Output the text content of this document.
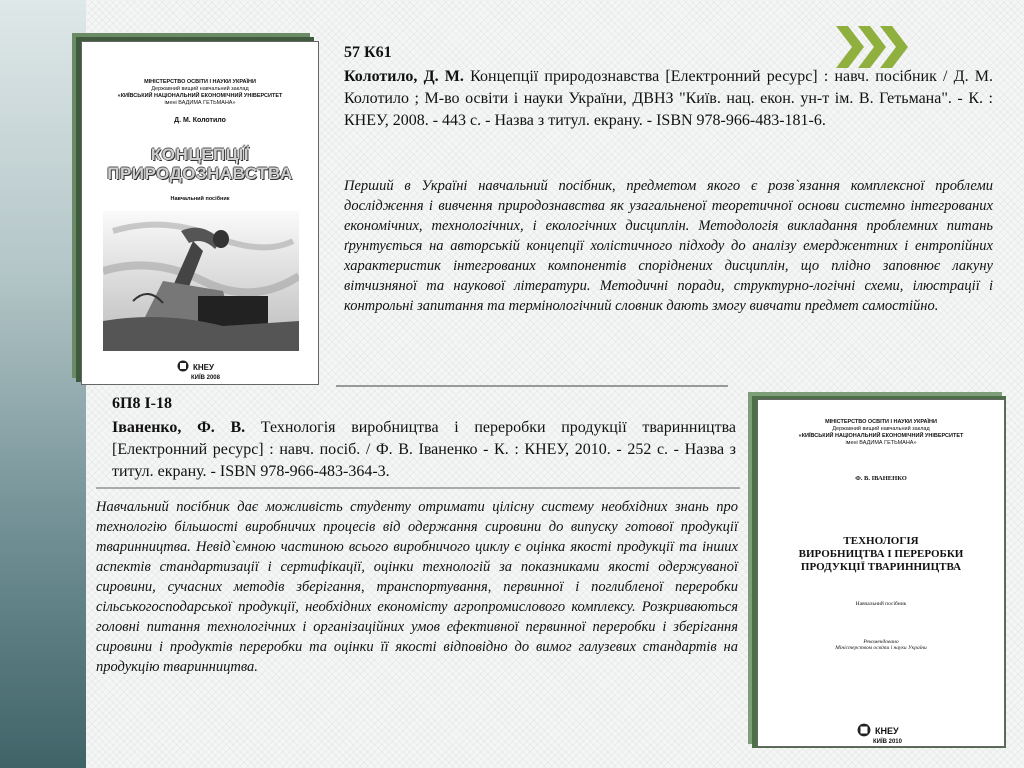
МІНІСТЕРСТВО ОСВІТИ І НАУКИ УКРАЇНИ
Державний вищий навчальний заклад
«КИЇВСЬКИЙ НАЦІОНАЛЬНИЙ ЕКОНОМІЧНИЙ УНІВЕРСИТЕТ
імені ВАДИМА ГЕТЬМАНА»
Д. М. Колотило
КОНЦЕПЦІЇ
ПРИРОДОЗНАВСТВА
Навчальний посібник
КНЕУ
КИЇВ 2008
57 К61
Колотило, Д. М. Концепції природознавства [Електронний ресурс] : навч. посібник / Д. М. Колотило ; М-во освіти і науки України, ДВНЗ "Київ. нац. екон. ун-т ім. В. Гетьмана". - К. : КНЕУ, 2008. - 443 с. - Назва з титул. екрану. - ISBN 978-966-483-181-6.
Перший в Україні навчальний посібник, предметом якого є розв`язання комплексної проблеми дослідження і вивчення природознавства як узагальненої теоретичної основи системно інтегрованих економічних, технологічних, і екологічних дисциплін. Методологія викладання проблемних питань ґрунтується на авторській концепції холістичного підходу до аналізу емерджентних і ентропійних характеристик інтегрованих компонентів споріднених дисциплін, що плідно заповнює лакуну вітчизняної та наукової літератури. Методичні поради, структурно-логічні схеми, ілюстрації і контрольні запитання та термінологічний словник дають змогу вивчати предмет самостійно.
6П8 І-18
Іваненко, Ф. В. Технологія виробництва і переробки продукції тваринництва [Електронний ресурс] : навч. посіб. / Ф. В. Іваненко - К. : КНЕУ, 2010. - 252 с. - Назва з титул. екрану. - ISBN 978-966-483-364-3.
Навчальний посібник дає можливість студенту отримати цілісну систему необхідних знань про технологію більшості виробничих процесів від одержання сировини до випуску готової продукції тваринництва. Невід`ємною частиною всього виробничого циклу є оцінка якості продукції та інших аспектів стандартизації і сертифікації, оцінки технологій за показниками якості одержуваної сировини, сучасних методів зберігання, транспортування, первинної і поглибленої переробки сільськогосподарської продукції, необхідних економісту агропромислового комплексу. Розкриваються головні питання технологічних і організаційних умов ефективної первинної переробки і зберігання сировини і продуктів переробки та оцінки її якості відповідно до вимог галузевих стандартів на продукцію тваринництва.
МІНІСТЕРСТВО ОСВІТИ І НАУКИ УКРАЇНИ
Державний вищий навчальний заклад
«КИЇВСЬКИЙ НАЦІОНАЛЬНИЙ ЕКОНОМІЧНИЙ УНІВЕРСИТЕТ
імені ВАДИМА ГЕТЬМАНА»
Ф. В. ІВАНЕНКО
ТЕХНОЛОГІЯ
ВИРОБНИЦТВА І ПЕРЕРОБКИ
ПРОДУКЦІЇ ТВАРИННИЦТВА
Навчальний посібник
Рекомендовано
Міністерством освіти і науки України
КНЕУ
КИЇВ 2010
